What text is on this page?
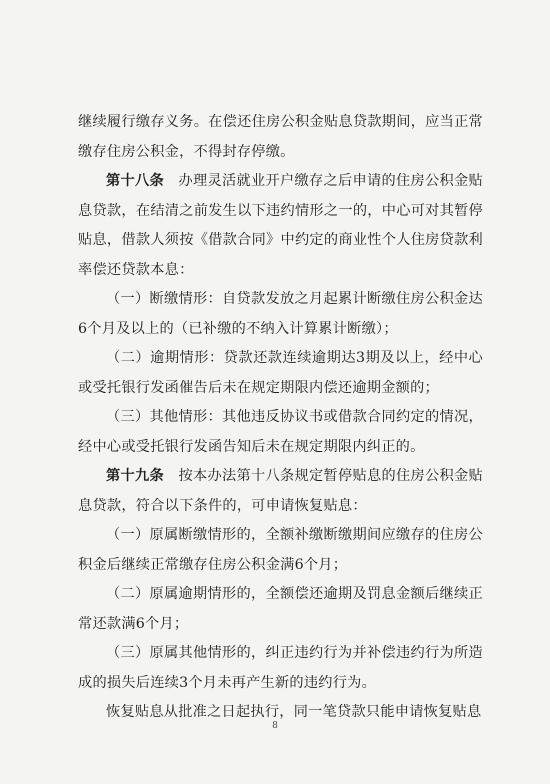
继续履行缴存义务。在偿还住房公积金贴息贷款期间，应当正常缴存住房公积金，不得封存停缴。

第十八条　办理灵活就业开户缴存之后申请的住房公积金贴息贷款，在结清之前发生以下违约情形之一的，中心可对其暂停贴息，借款人须按《借款合同》中约定的商业性个人住房贷款利率偿还贷款本息：

（一）断缴情形：自贷款发放之月起累计断缴住房公积金达6个月及以上的（已补缴的不纳入计算累计断缴）；

（二）逾期情形：贷款还款连续逾期达3期及以上，经中心或受托银行发函催告后未在规定期限内偿还逾期金额的；

（三）其他情形：其他违反协议书或借款合同约定的情况，经中心或受托银行发函告知后未在规定期限内纠正的。

第十九条　按本办法第十八条规定暂停贴息的住房公积金贴息贷款，符合以下条件的，可申请恢复贴息：

（一）原属断缴情形的，全额补缴断缴期间应缴存的住房公积金后继续正常缴存住房公积金满6个月；

（二）原属逾期情形的，全额偿还逾期及罚息金额后继续正常还款满6个月；

（三）原属其他情形的，纠正违约行为并补偿违约行为所造成的损失后连续3个月未再产生新的违约行为。

恢复贴息从批准之日起执行，同一笔贷款只能申请恢复贴息

8
